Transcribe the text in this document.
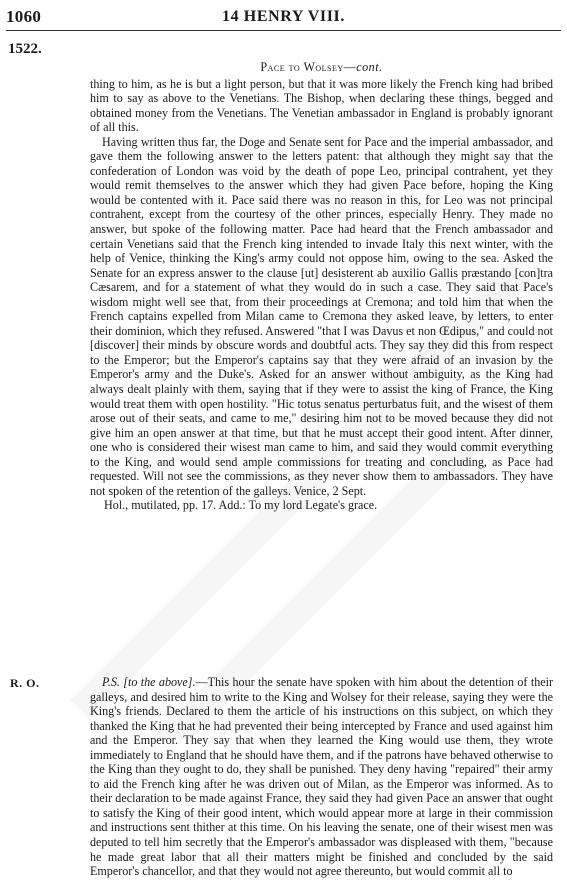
1060	14 HENRY VIII.
1522.
Pace to Wolsey—cont.

thing to him, as he is but a light person, but that it was more likely the French king had bribed him to say as above to the Venetians. The Bishop, when declaring these things, begged and obtained money from the Venetians. The Venetian ambassador in England is probably ignorant of all this.

Having written thus far, the Doge and Senate sent for Pace and the imperial ambassador, and gave them the following answer to the letters patent: that although they might say that the confederation of London was void by the death of pope Leo, principal contrahent, yet they would remit themselves to the answer which they had given Pace before, hoping the King would be contented with it. Pace said there was no reason in this, for Leo was not principal contrahent, except from the courtesy of the other princes, especially Henry. They made no answer, but spoke of the following matter. Pace had heard that the French ambassador and certain Venetians said that the French king intended to invade Italy this next winter, with the help of Venice, thinking the King's army could not oppose him, owing to the sea. Asked the Senate for an express answer to the clause [ut] desisterent ab auxilio Gallis præstando [con]tra Cæsarem, and for a statement of what they would do in such a case. They said that Pace's wisdom might well see that, from their proceedings at Cremona; and told him that when the French captains expelled from Milan came to Cremona they asked leave, by letters, to enter their dominion, which they refused. Answered "that I was Davus et non Œdipus," and could not [discover] their minds by obscure words and doubtful acts. They say they did this from respect to the Emperor; but the Emperor's captains say that they were afraid of an invasion by the Emperor's army and the Duke's. Asked for an answer without ambiguity, as the King had always dealt plainly with them, saying that if they were to assist the king of France, the King would treat them with open hostility. "Hic totus senatus perturbatus fuit, and the wisest of them arose out of their seats, and came to me," desiring him not to be moved because they did not give him an open answer at that time, but that he must accept their good intent. After dinner, one who is considered their wisest man came to him, and said they would commit everything to the King, and would send ample commissions for treating and concluding, as Pace had requested. Will not see the commissions, as they never show them to ambassadors. They have not spoken of the retention of the galleys. Venice, 2 Sept.

Hol., mutilated, pp. 17. Add.: To my lord Legate's grace.

R. O.	P.S. [to the above].—This hour the senate have spoken with him about the detention of their galleys, and desired him to write to the King and Wolsey for their release, saying they were the King's friends. Declared to them the article of his instructions on this subject, on which they thanked the King that he had prevented their being intercepted by France and used against him and the Emperor. They say that when they learned the King would use them, they wrote immediately to England that he should have them, and if the patrons have behaved otherwise to the King than they ought to do, they shall be punished. They deny having "repaired" their army to aid the French king after he was driven out of Milan, as the Emperor was informed. As to their declaration to be made against France, they said they had given Pace an answer that ought to satisfy the King of their good intent, which would appear more at large in their commission and instructions sent thither at this time. On his leaving the senate, one of their wisest men was deputed to tell him secretly that the Emperor's ambassador was displeased with them, "because he made great labor that all their matters might be finished and concluded by the said Emperor's chancellor, and that they would not agree thereunto, but would commit all to
